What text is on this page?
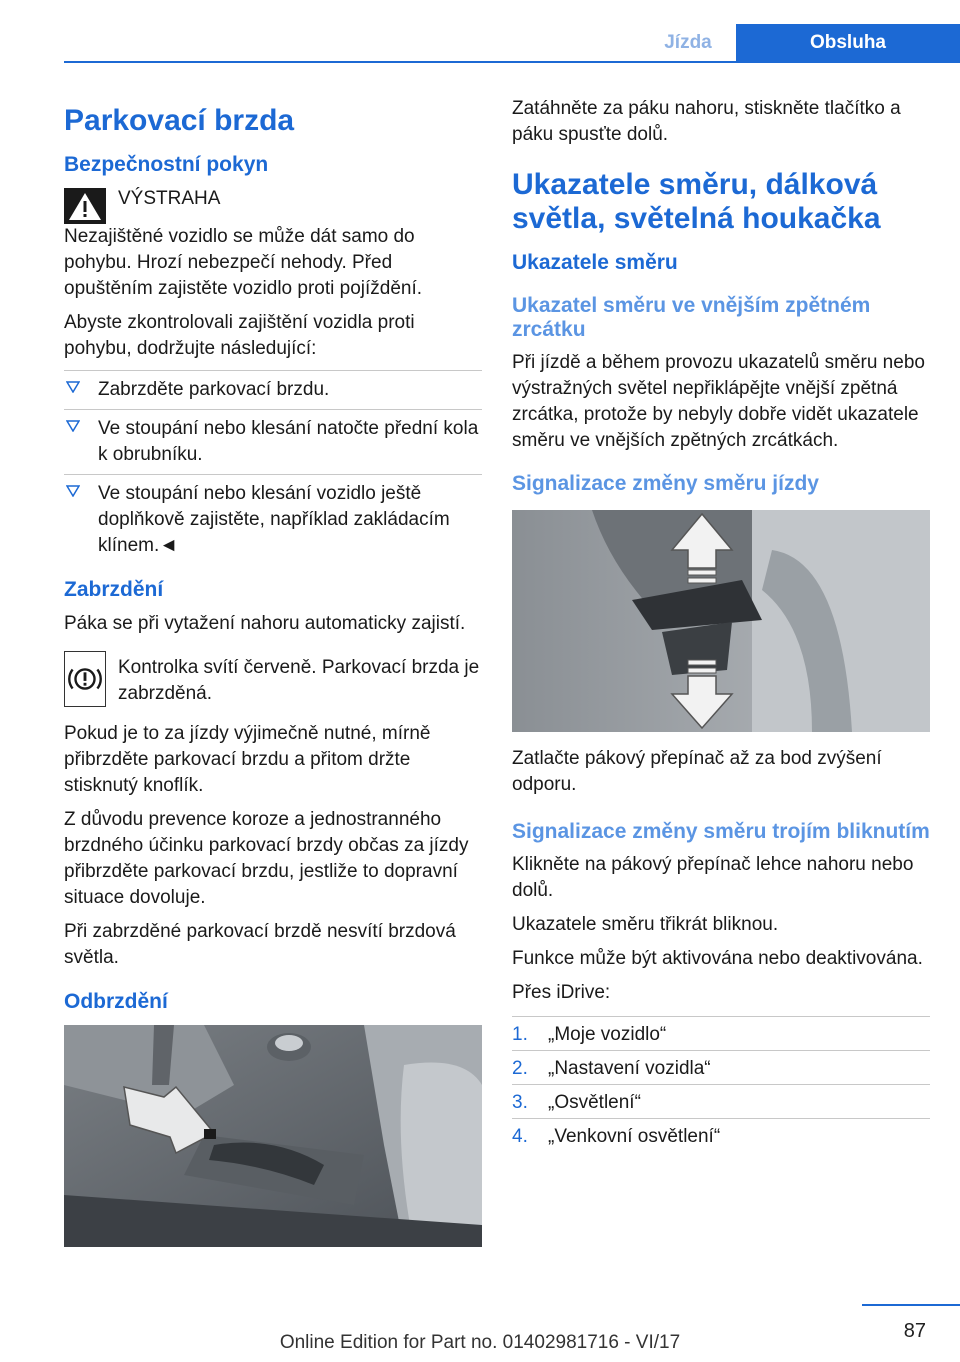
Jízda	Obsluha
Parkovací brzda
Bezpečnostní pokyn
VÝSTRAHA

Nezajištěné vozidlo se může dát samo do pohybu. Hrozí nebezpečí nehody. Před opuštěním zajistěte vozidlo proti pojíždění.

Abyste zkontrolovali zajištění vozidla proti pohybu, dodržujte následující:

Zabrzděte parkovací brzdu.
Ve stoupání nebo klesání natočte přední kola k obrubníku.
Ve stoupání nebo klesání vozidlo ještě doplňkově zajistěte, například zakládacím klínem.◄
Zabrzdění

Páka se při vytažení nahoru automaticky zajistí.

Kontrolka svítí červeně. Parkovací brzda je zabrzděná.

Pokud je to za jízdy výjimečně nutné, mírně přibrzděte parkovací brzdu a přitom držte stisknutý knoflík.

Z důvodu prevence koroze a jednostranného brzdného účinku parkovací brzdy občas za jízdy přibrzděte parkovací brzdu, jestliže to dopravní situace dovoluje.

Při zabrzděné parkovací brzdě nesvítí brzdová světla.

Odbrzdění

Zatáhněte za páku nahoru, stiskněte tlačítko a páku spusťte dolů.

Ukazatele směru, dálková světla, světelná houkačka
Ukazatele směru
Ukazatel směru ve vnějším zpětném zrcátku

Při jízdě a během provozu ukazatelů směru nebo výstražných světel nepřiklápějte vnější zpětná zrcátka, protože by nebyly dobře vidět ukazatele směru ve vnějších zpětných zrcátkách.

Signalizace změny směru jízdy

Zatlačte pákový přepínač až za bod zvýšení odporu.

Signalizace změny směru trojím bliknutím

Klikněte na pákový přepínač lehce nahoru nebo dolů.

Ukazatele směru třikrát bliknou.

Funkce může být aktivována nebo deaktivována.

Přes iDrive:

1. „Moje vozidlo“
2. „Nastavení vozidla“
3. „Osvětlení“
4. „Venkovní osvětlení“
87
Online Edition for Part no. 01402981716 - VI/17
